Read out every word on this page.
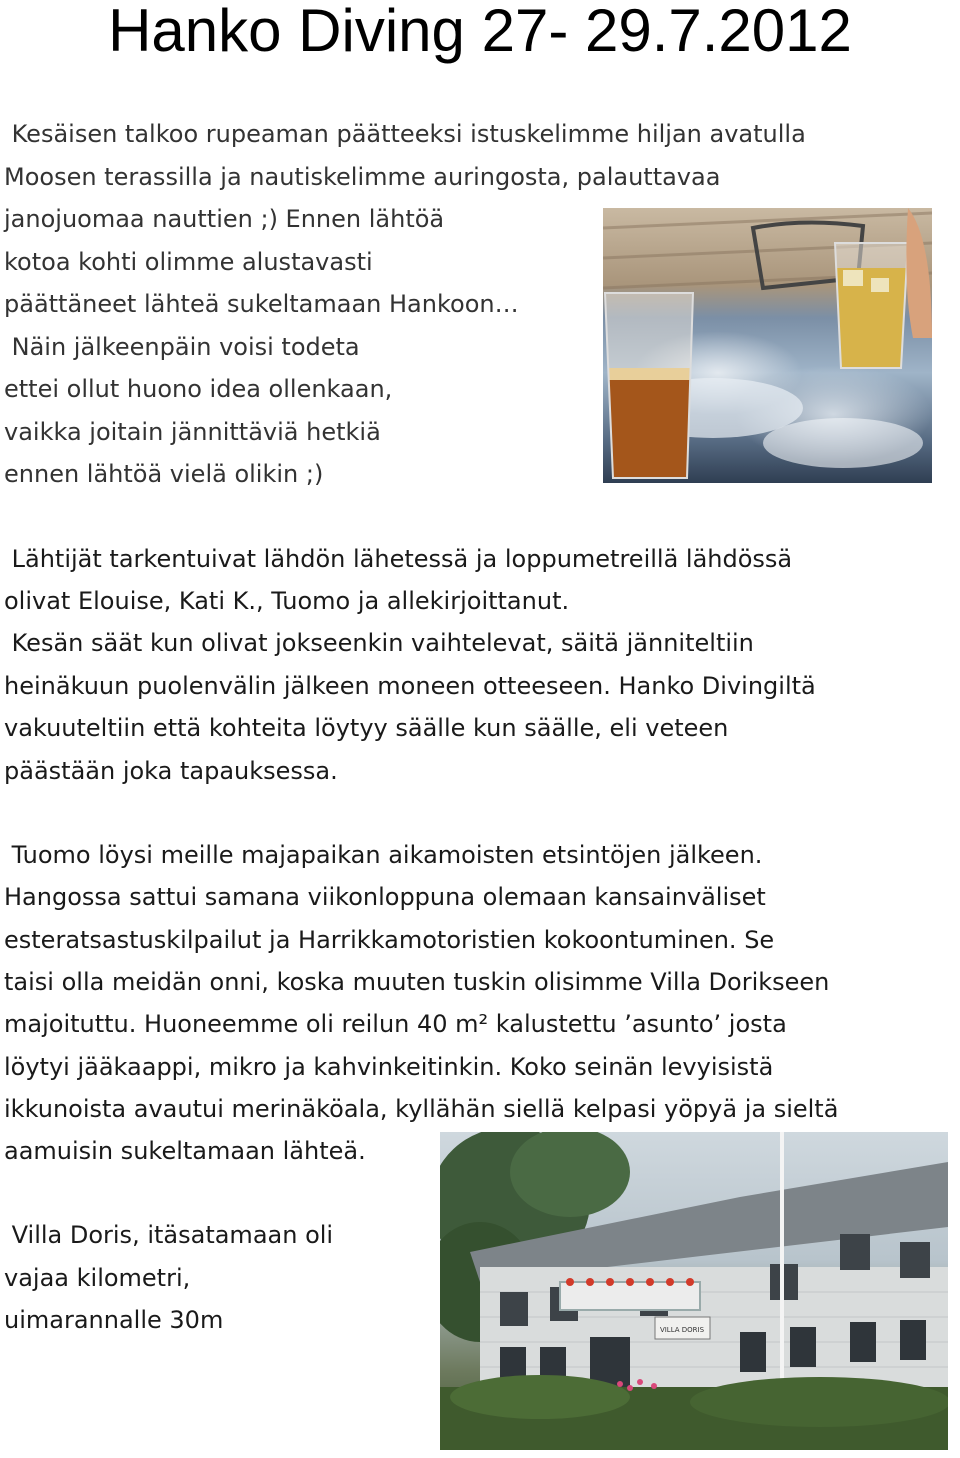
Hanko Diving 27- 29.7.2012

Kesäisen talkoo rupeaman päätteeksi istuskelimme hiljan avatulla

Moosen terassilla ja nautiskelimme auringosta, palauttavaa

janojuomaa nauttien ;) Ennen lähtöä

kotoa kohti olimme alustavasti

päättäneet lähteä sukeltamaan Hankoon…

Näin jälkeenpäin voisi todeta

ettei ollut huono idea ollenkaan,

vaikka joitain jännittäviä hetkiä

ennen lähtöä vielä olikin ;)

Lähtijät tarkentuivat lähdön lähetessä ja loppumetreillä lähdössä

olivat Elouise, Kati K., Tuomo ja allekirjoittanut.

Kesän säät kun olivat jokseenkin vaihtelevat, säitä jänniteltiin

heinäkuun puolenvälin jälkeen moneen otteeseen. Hanko Divingiltä

vakuuteltiin että kohteita löytyy säälle kun säälle, eli veteen

päästään joka tapauksessa.

Tuomo löysi meille majapaikan aikamoisten etsintöjen jälkeen.

Hangossa sattui samana viikonloppuna olemaan kansainväliset

esteratsastuskilpailut ja Harrikkamotoristien kokoontuminen. Se

taisi olla meidän onni, koska muuten tuskin olisimme Villa Dorikseen

majoituttu. Huoneemme oli reilun 40 m² kalustettu ’asunto’ josta

löytyi jääkaappi, mikro ja kahvinkeitinkin. Koko seinän levyisistä

ikkunoista avautui merinäköala, kyllähän siellä kelpasi yöpyä ja sieltä

aamuisin sukeltamaan lähteä.

Villa Doris, itäsatamaan oli

vajaa kilometri,

uimarannalle 30m	VILLA DORIS
